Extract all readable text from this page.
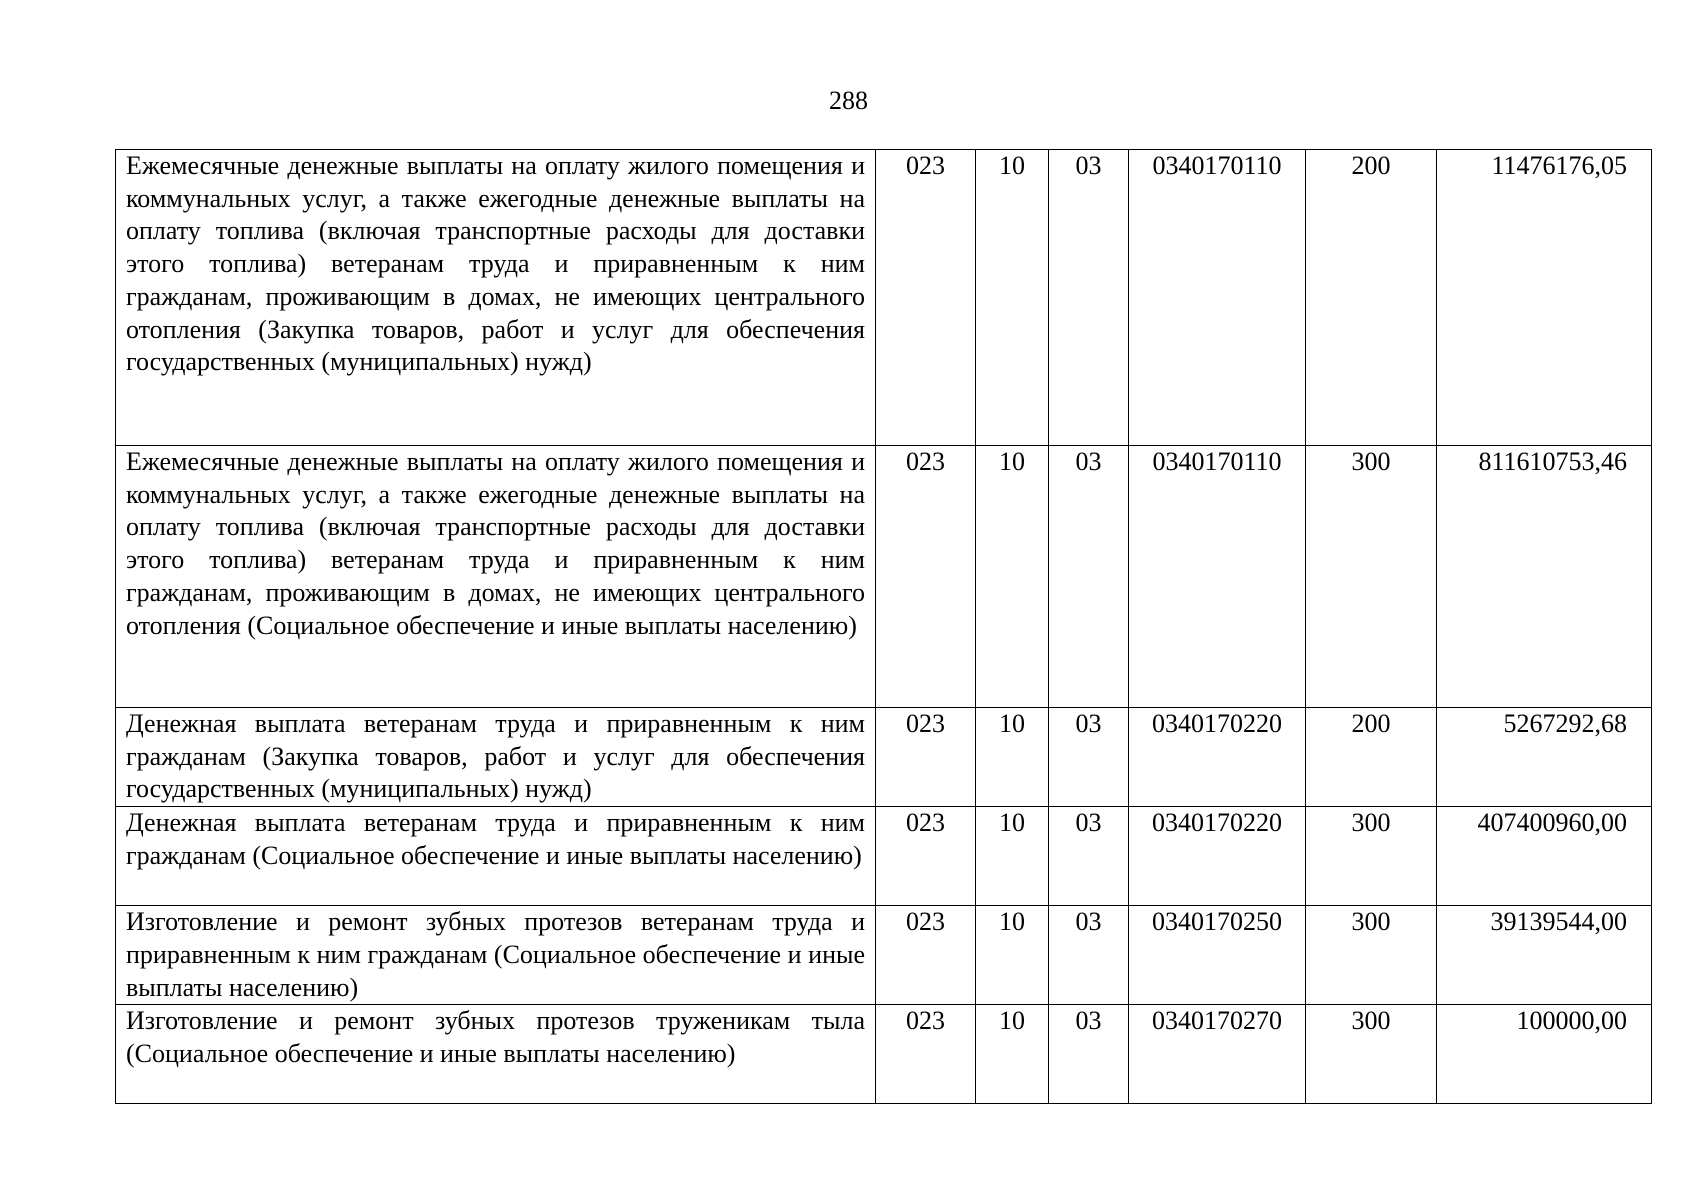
288
Ежемесячные денежные выплаты на оплату жилого помещения и коммунальных услуг, а также ежегодные денежные выплаты на оплату топлива (включая транспортные расходы для доставки этого топлива) ветеранам труда и приравненным к ним гражданам, проживающим в домах, не имеющих центрального отопления (Закупка товаров, работ и услуг для обеспечения государственных (муниципальных) нужд)	023	10	03	0340170110	200	11476176,05
Ежемесячные денежные выплаты на оплату жилого помещения и коммунальных услуг, а также ежегодные денежные выплаты на оплату топлива (включая транспортные расходы для доставки этого топлива) ветеранам труда и приравненным к ним гражданам, проживающим в домах, не имеющих центрального отопления (Социальное обеспечение и иные выплаты населению)	023	10	03	0340170110	300	811610753,46
Денежная выплата ветеранам труда и приравненным к ним гражданам (Закупка товаров, работ и услуг для обеспечения государственных (муниципальных) нужд)	023	10	03	0340170220	200	5267292,68
Денежная выплата ветеранам труда и приравненным к ним гражданам (Социальное обеспечение и иные выплаты населению)	023	10	03	0340170220	300	407400960,00
Изготовление и ремонт зубных протезов ветеранам труда и приравненным к ним гражданам (Социальное обеспечение и иные выплаты населению)	023	10	03	0340170250	300	39139544,00
Изготовление и ремонт зубных протезов труженикам тыла (Социальное обеспечение и иные выплаты населению)	023	10	03	0340170270	300	100000,00
